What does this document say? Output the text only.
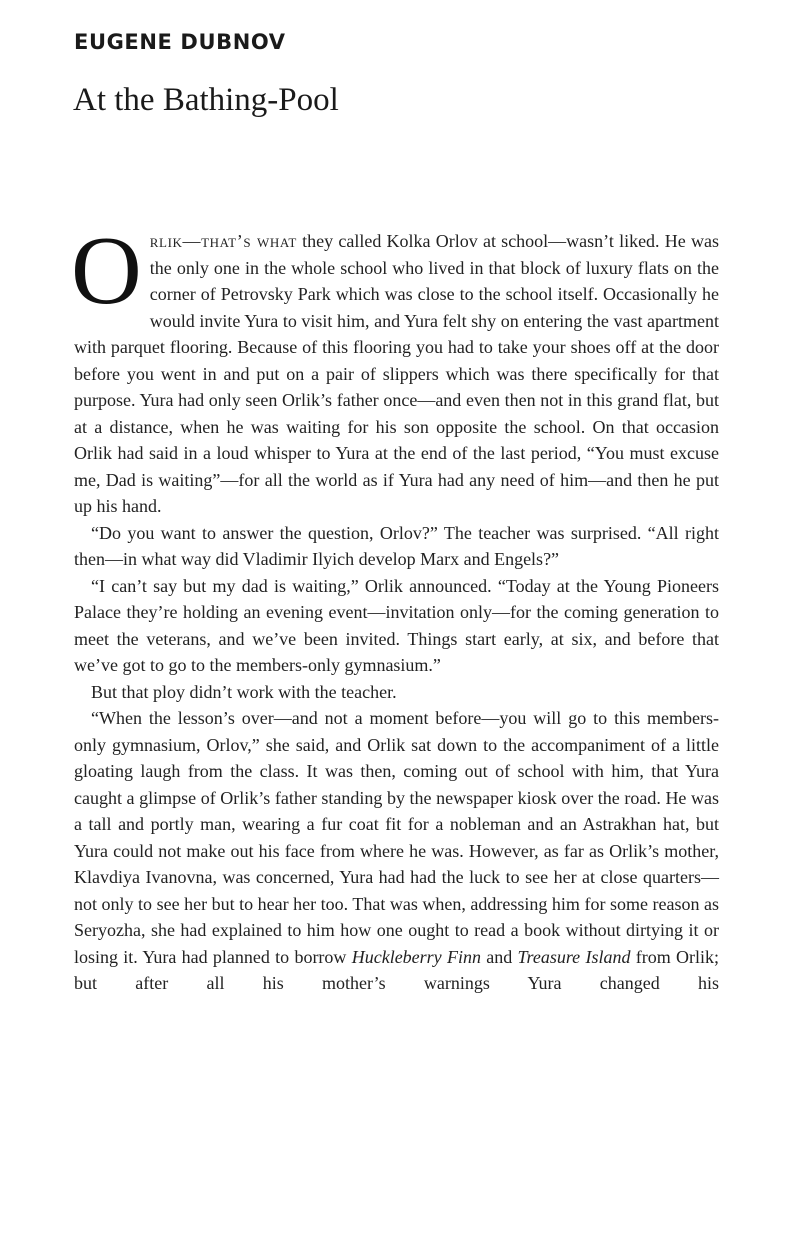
EUGENE DUBNOV
At the Bathing-Pool

Orlik—that’s what they called Kolka Orlov at school—wasn’t liked. He was the only one in the whole school who lived in that block of luxury flats on the corner of Petrovsky Park which was close to the school itself. Occasionally he would invite Yura to visit him, and Yura felt shy on entering the vast apartment with parquet flooring. Because of this flooring you had to take your shoes off at the door before you went in and put on a pair of slippers which was there specifically for that purpose. Yura had only seen Orlik’s father once—and even then not in this grand flat, but at a distance, when he was waiting for his son opposite the school. On that occasion Orlik had said in a loud whisper to Yura at the end of the last period, “You must excuse me, Dad is waiting”—for all the world as if Yura had any need of him—and then he put up his hand.

“Do you want to answer the question, Orlov?” The teacher was surprised. “All right then—in what way did Vladimir Ilyich develop Marx and Engels?”

“I can’t say but my dad is waiting,” Orlik announced. “Today at the Young Pioneers Palace they’re holding an evening event—invitation only—for the coming generation to meet the veterans, and we’ve been invited. Things start early, at six, and before that we’ve got to go to the members-only gymnasium.”

But that ploy didn’t work with the teacher.

“When the lesson’s over—and not a moment before—you will go to this members-only gymnasium, Orlov,” she said, and Orlik sat down to the accompaniment of a little gloating laugh from the class. It was then, coming out of school with him, that Yura caught a glimpse of Orlik’s father standing by the newspaper kiosk over the road. He was a tall and portly man, wearing a fur coat fit for a nobleman and an Astrakhan hat, but Yura could not make out his face from where he was. However, as far as Orlik’s mother, Klavdiya Ivanovna, was concerned, Yura had had the luck to see her at close quarters—not only to see her but to hear her too. That was when, addressing him for some reason as Seryozha, she had explained to him how one ought to read a book without dirtying it or losing it. Yura had planned to borrow Huckleberry Finn and Treasure Island from Orlik; but after all his mother’s warnings Yura changed his
